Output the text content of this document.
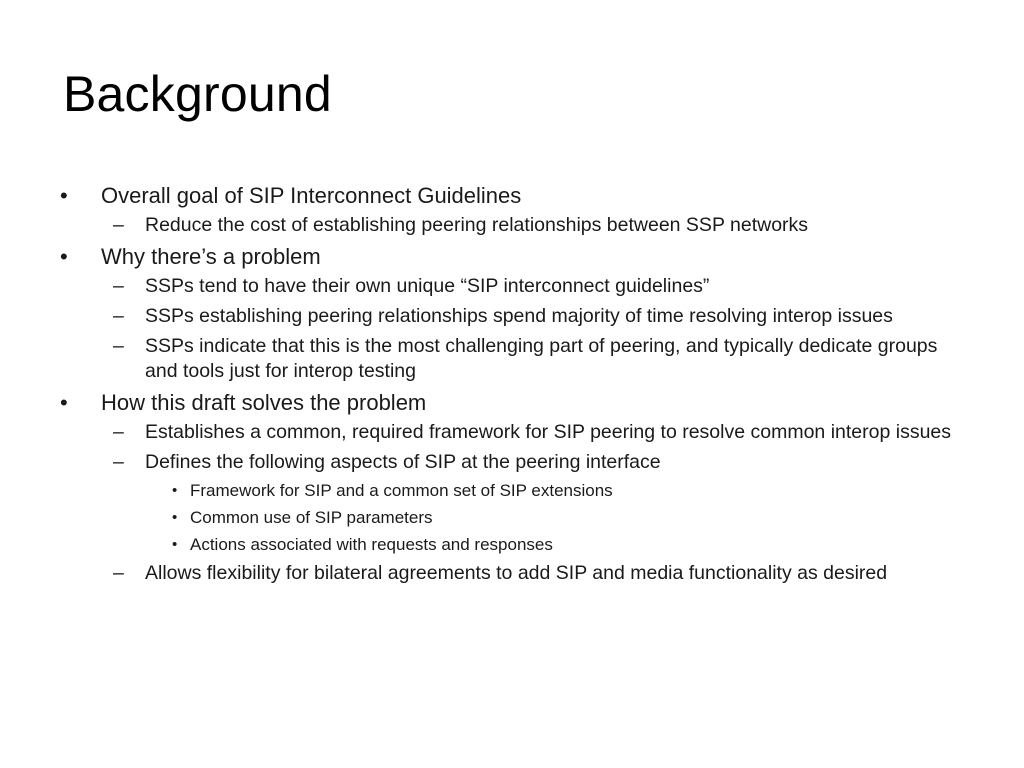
Background
• Overall goal of SIP Interconnect Guidelines
– Reduce the cost of establishing peering relationships between SSP networks
• Why there’s a problem
– SSPs tend to have their own unique “SIP interconnect guidelines”
– SSPs establishing peering relationships spend majority of time resolving interop issues
– SSPs indicate that this is the most challenging part of peering, and typically dedicate groups and tools just for interop testing
• How this draft solves the problem
– Establishes a common, required framework for SIP peering to resolve common interop issues
– Defines the following aspects of SIP at the peering interface
• Framework for SIP and a common set of SIP extensions
• Common use of SIP parameters
• Actions associated with requests and responses
– Allows flexibility for bilateral agreements to add SIP and media functionality as desired
